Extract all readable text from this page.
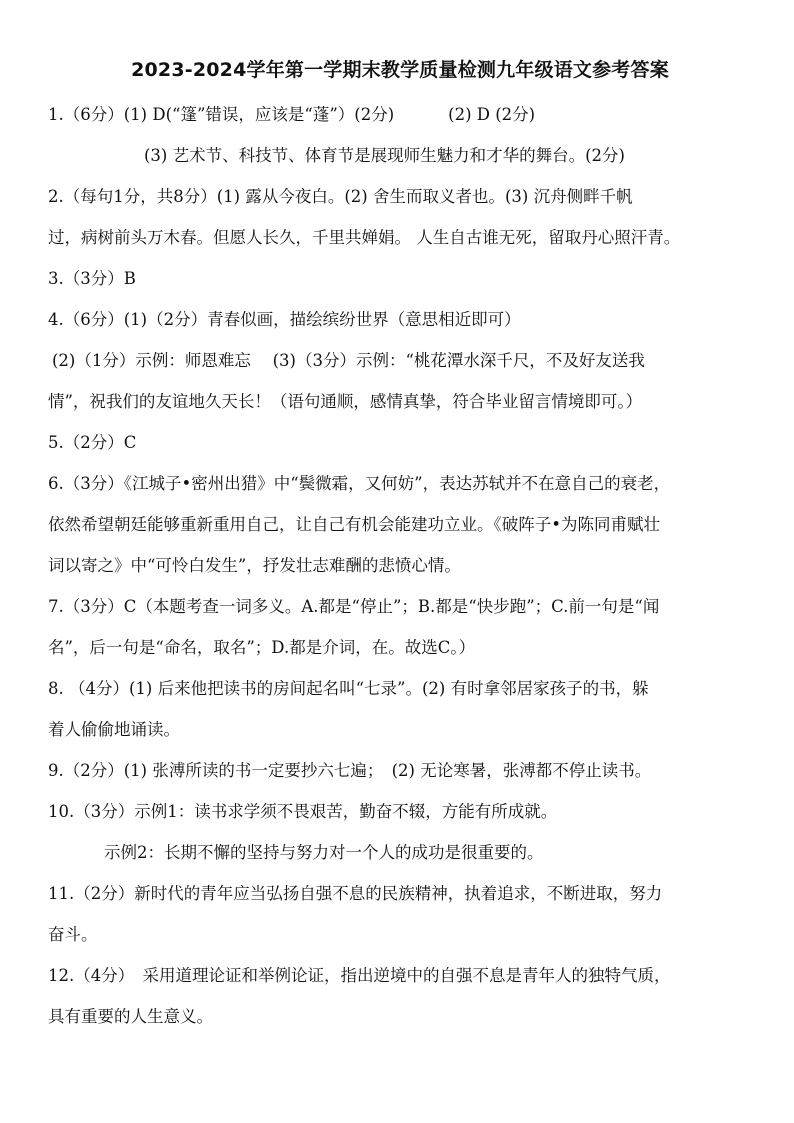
2023-2024学年第一学期末教学质量检测九年级语文参考答案
1.（6分）(1) D(“篷”错误，应该是“蓬”）(2分)	(2) D (2分)
(3) 艺术节、科技节、体育节是展现师生魅力和才华的舞台。(2分)
2.（每句1分，共8分）(1) 露从今夜白。(2) 舍生而取义者也。(3) 沉舟侧畔千帆
过，病树前头万木春。但愿人长久，千里共婵娟。 人生自古谁无死，留取丹心照汗青。
3.（3分）B
4.（6分）(1)（2分）青春似画，描绘缤纷世界（意思相近即可）
(2)（1分）示例：师恩难忘　 (3)（3分）示例：“桃花潭水深千尺，不及好友送我
情”，祝我们的友谊地久天长！（语句通顺，感情真挚，符合毕业留言情境即可。）
5.（2分）C
6.（3分）《江城子•密州出猎》中“鬓微霜，又何妨”，表达苏轼并不在意自己的衰老，
依然希望朝廷能够重新重用自己，让自己有机会能建功立业。《破阵子•为陈同甫赋壮
词以寄之》中“可怜白发生”，抒发壮志难酬的悲愤心情。
7.（3分）C（本题考查一词多义。A.都是“停止”；B.都是“快步跑”；C.前一句是“闻
名”，后一句是“命名，取名”；D.都是介词，在。故选C。）
8. （4分）(1) 后来他把读书的房间起名叫“七录”。(2) 有时拿邻居家孩子的书，躲
着人偷偷地诵读。
9.（2分）(1) 张溥所读的书一定要抄六七遍；　(2) 无论寒暑，张溥都不停止读书。
10.（3分）示例1：读书求学须不畏艰苦，勤奋不辍，方能有所成就。
示例2：长期不懈的坚持与努力对一个人的成功是很重要的。
11.（2分）新时代的青年应当弘扬自强不息的民族精神，执着追求，不断进取，努力
奋斗。
12.（4分）　采用道理论证和举例论证，指出逆境中的自强不息是青年人的独特气质，
具有重要的人生意义。
